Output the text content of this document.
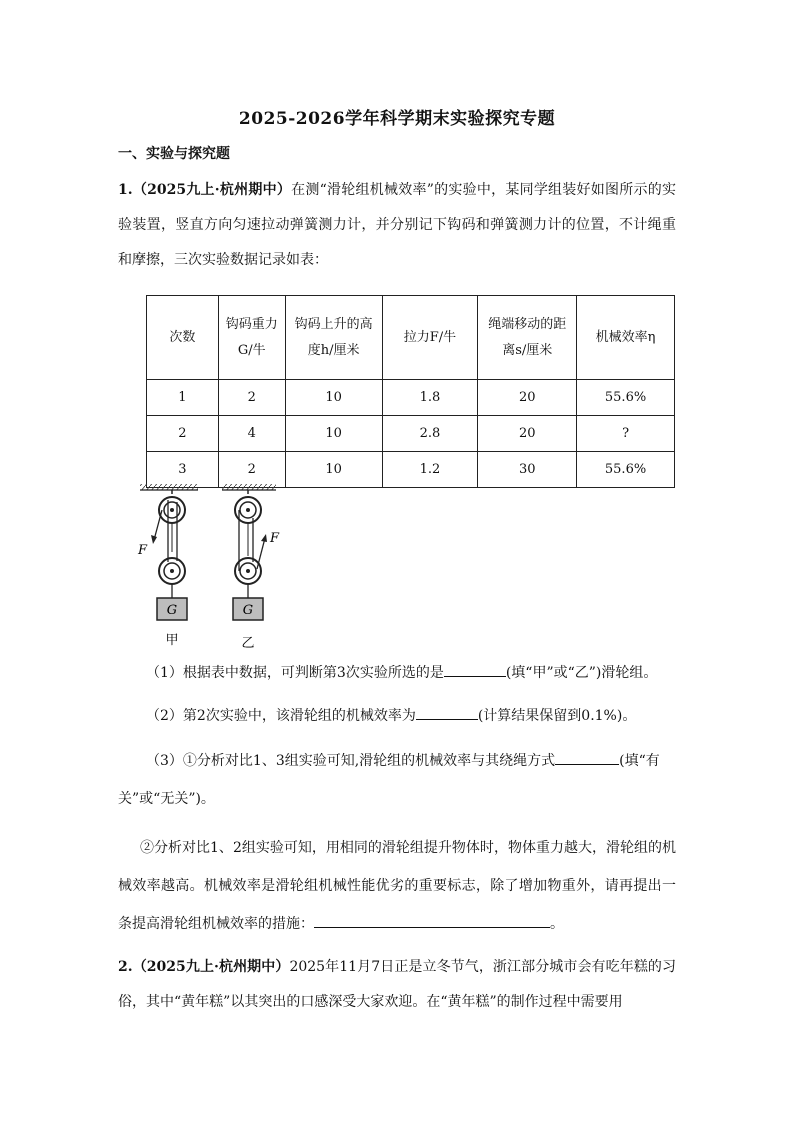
2025-2026学年科学期末实验探究专题
一、实验与探究题
1.（2025九上·杭州期中）在测“滑轮组机械效率”的实验中，某同学组装好如图所示的实验装置，竖直方向匀速拉动弹簧测力计，并分别记下钩码和弹簧测力计的位置，不计绳重和摩擦，三次实验数据记录如表：
次数	钩码重力G/牛	钩码上升的高度h/厘米	拉力F/牛	绳端移动的距离s/厘米	机械效率η
1	2	10	1.8	20	55.6%
2	4	10	2.8	20	?
3	2	10	1.2	30	55.6%
F
G
甲
F
G
乙
（1）根据表中数据，可判断第3次实验所选的是	(填“甲”或“乙”)滑轮组。
（2）第2次实验中，该滑轮组的机械效率为	(计算结果保留到0.1%)。
（3）①分析对比1、3组实验可知,滑轮组的机械效率与其绕绳方式	(填“有关”或“无关”)。
②分析对比1、2组实验可知，用相同的滑轮组提升物体时，物体重力越大，滑轮组的机械效率越高。机械效率是滑轮组机械性能优劣的重要标志，除了增加物重外，请再提出一条提高滑轮组机械效率的措施：	。
2.（2025九上·杭州期中）2025年11月7日正是立冬节气，浙江部分城市会有吃年糕的习俗，其中“黄年糕”以其突出的口感深受大家欢迎。在“黄年糕”的制作过程中需要用
